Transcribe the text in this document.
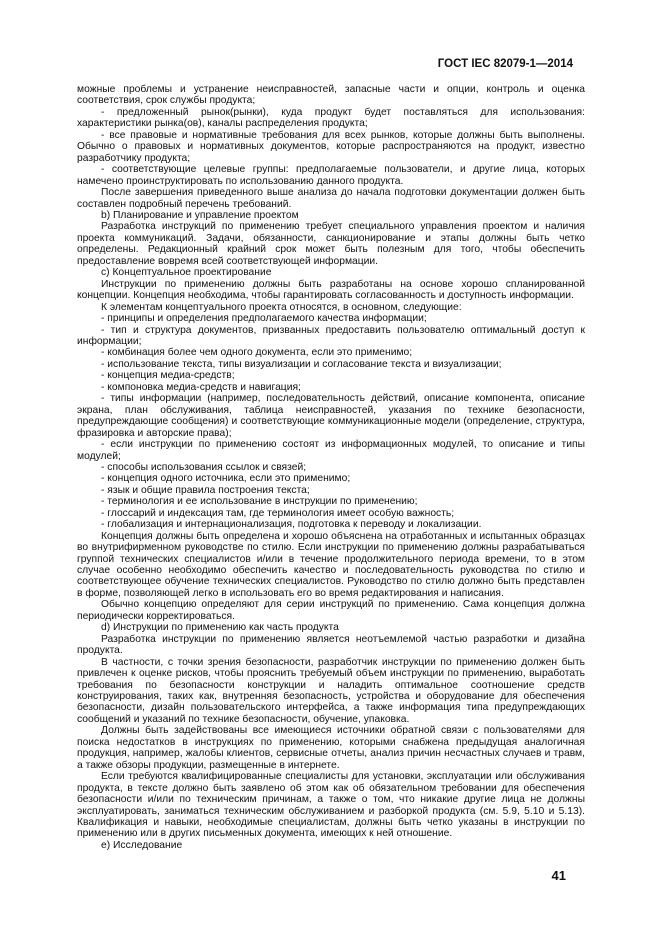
ГОСТ IEC 82079-1—2014

можные проблемы и устранение неисправностей, запасные части и опции, контроль и оценка соответствия, срок службы продукта;

- предложенный рынок(рынки), куда продукт будет поставляться для использования: характеристики рынка(ов), каналы распределения продукта;

- все правовые и нормативные требования для всех рынков, которые должны быть выполнены. Обычно о правовых и нормативных документов, которые распространяются на продукт, известно разработчику продукта;

- соответствующие целевые группы: предполагаемые пользователи, и другие лица, которых намечено проинструктировать по использованию данного продукта.

После завершения приведенного выше анализа до начала подготовки документации должен быть составлен подробный перечень требований.

b) Планирование и управление проектом

Разработка инструкций по применению требует специального управления проектом и наличия проекта коммуникаций. Задачи, обязанности, санкционирование и этапы должны быть четко определены. Редакционный крайний срок может быть полезным для того, чтобы обеспечить предоставление вовремя всей соответствующей информации.

c) Концептуальное проектирование

Инструкции по применению должны быть разработаны на основе хорошо спланированной концепции. Концепция необходима, чтобы гарантировать согласованность и доступность информации.

К элементам концептуального проекта относятся, в основном, следующие:

- принципы и определения предполагаемого качества информации;

- тип и структура документов, призванных предоставить пользователю оптимальный доступ к информации;

- комбинация более чем одного документа, если это применимо;

- использование текста, типы визуализации и согласование текста и визуализации;

- концепция медиа-средств;

- компоновка медиа-средств и навигация;

- типы информации (например, последовательность действий, описание компонента, описание экрана, план обслуживания, таблица неисправностей, указания по технике безопасности, предупреждающие сообщения) и соответствующие коммуникационные модели (определение, структура, фразировка и авторские права);

- если инструкции по применению состоят из информационных модулей, то описание и типы модулей;

- способы использования ссылок и связей;

- концепция одного источника, если это применимо;

- язык и общие правила построения текста;

- терминология и ее использование в инструкции по применению;

- глоссарий и индексация там, где терминология имеет особую важность;

- глобализация и интернационализация, подготовка к переводу и локализации.

Концепция должны быть определена и хорошо объяснена на отработанных и испытанных образцах во внутрифирменном руководстве по стилю. Если инструкции по применению должны разрабатываться группой технических специалистов и/или в течение продолжительного периода времени, то в этом случае особенно необходимо обеспечить качество и последовательность руководства по стилю и соответствующее обучение технических специалистов. Руководство по стилю должно быть представлен в форме, позволяющей легко в использовать его во время редактирования и написания.

Обычно концепцию определяют для серии инструкций по применению. Сама концепция должна периодически корректироваться.

d) Инструкции по применению как часть продукта

Разработка инструкции по применению является неотъемлемой частью разработки и дизайна продукта.

В частности, с точки зрения безопасности, разработчик инструкции по применению должен быть привлечен к оценке рисков, чтобы прояснить требуемый объем инструкции по применению, выработать требования по безопасности конструкции и наладить оптимальное соотношение средств конструирования, таких как, внутренняя безопасность, устройства и оборудование для обеспечения безопасности, дизайн пользовательского интерфейса, а также информация типа предупреждающих сообщений и указаний по технике безопасности, обучение, упаковка.

Должны быть задействованы все имеющиеся источники обратной связи с пользователями для поиска недостатков в инструкциях по применению, которыми снабжена предыдущая аналогичная продукция, например, жалобы клиентов, сервисные отчеты, анализ причин несчастных случаев и травм, а также обзоры продукции, размещенные в интернете.

Если требуются квалифицированные специалисты для установки, эксплуатации или обслуживания продукта, в тексте должно быть заявлено об этом как об обязательном требовании для обеспечения безопасности и/или по техническим причинам, а также о том, что никакие другие лица не должны эксплуатировать, заниматься техническим обслуживанием и разборкой продукта (см. 5.9, 5.10 и 5.13). Квалификация и навыки, необходимые специалистам, должны быть четко указаны в инструкции по применению или в других письменных документа, имеющих к ней отношение.

e) Исследование

41
